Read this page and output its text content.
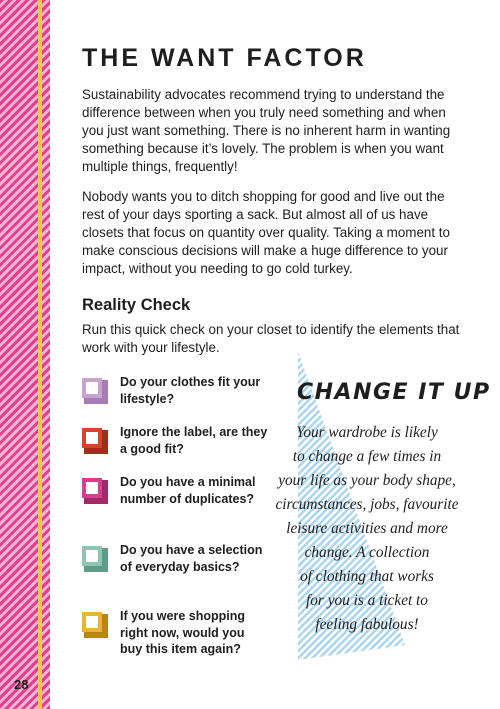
28
THE WANT FACTOR

Sustainability advocates recommend trying to understand the difference between when you truly need something and when you just want something. There is no inherent harm in wanting something because it’s lovely. The problem is when you want multiple things, frequently!

Nobody wants you to ditch shopping for good and live out the rest of your days sporting a sack. But almost all of us have closets that focus on quantity over quality. Taking a moment to make conscious decisions will make a huge difference to your impact, without you needing to go cold turkey.

Reality Check

Run this quick check on your closet to identify the elements that work with your lifestyle.

Do your clothes fit your lifestyle?
Ignore the label, are they a good fit?
Do you have a minimal number of duplicates?
Do you have a selection of everyday basics?
If you were shopping right now, would you buy this item again?
CHANGE IT UP
Your wardrobe is likely
to change a few times in
your life as your body shape,
circumstances, jobs, favourite
leisure activities and more
change. A collection
of clothing that works
for you is a ticket to
feeling fabulous!
